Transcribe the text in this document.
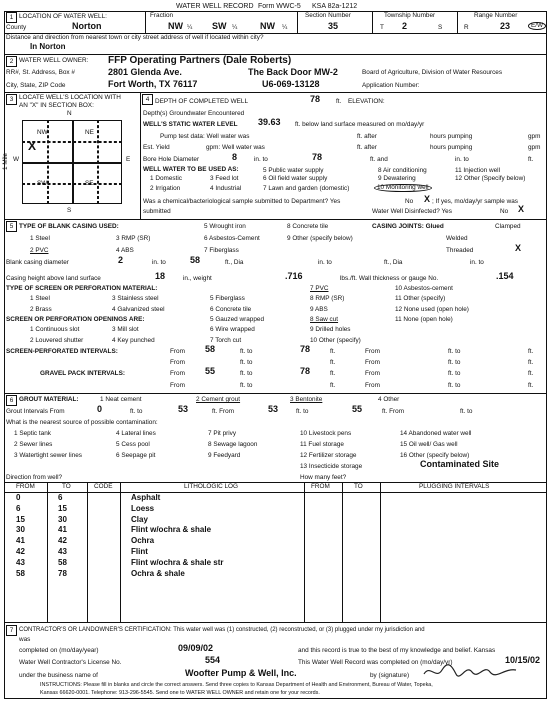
WATER WELL RECORD Form WWC-5 KSA 82a-1212
1 LOCATION OF WATER WELL:	Fraction	Section Number	Township Number	Range Number
County	Norton	NW ¼ SW ¼	NW ¼	35	T 2	S	R	23	E/W
Distance and direction from nearest town or city street address of well if located within city?
In Norton
2 WATER WELL OWNER: FFP Operating Partners (Dale Roberts)
RR#, St. Address, Box #	2801 Glenda Ave.	The Back Door MW-2	Board of Agriculture, Division of Water Resources
City, State, ZIP Code	Fort Worth, TX 76117	U6-069-13128	Application Number:
3 LOCATE WELL'S LOCATION WITH
AN "X" IN SECTION BOX:
N
S
W	E
1 Mile
NW	NE
SW	SE
X
4 DEPTH OF COMPLETED WELL	78 ft. ELEVATION:
Depth(s) Groundwater Encountered
WELL'S STATIC WATER LEVEL 39.63 ft. below land surface measured on mo/day/yr
Pump test data: Well water was	ft. after	hours pumping	gpm
Est. Yield	gpm: Well water was	ft. after	hours pumping	gpm
Bore Hole Diameter	8	in. to	78	ft. and	in. to	ft.
WELL WATER TO BE USED AS:
1 Domestic	3 Feed lot
5 Public water supply
6 Oil field water supply
8 Air conditioning
9 Dewatering
11 Injection well
12 Other (Specify below)
2 Irrigation	4 Industrial	7 Lawn and garden (domestic)	10 Monitoring well
Was a chemical/bacteriological sample submitted to Department? Yes	No X ; If yes, mo/day/yr sample was
submitted	Water Well Disinfected? Yes	No X
5 TYPE OF BLANK CASING USED:
1 Steel	3 RMP (SR)
5 Wrought iron
6 Asbestos-Cement
7 Fiberglass
8 Concrete tile
9 Other (specify below)
2 PVC	4 ABS
CASING JOINTS: Glued	Clamped
Welded
Threaded	X
Blank casing diameter	2	in. to	58	ft., Dia	in. to	ft., Dia	in. to
Casing height above land surface	18	in., weight	.716	lbs./ft. Wall thickness or gauge No.	.154
TYPE OF SCREEN OR PERFORATION MATERIAL:
1 Steel	3 Stainless steel	5 Fiberglass
7 PVC	10 Asbestos-cement
2 Brass	4 Galvanized steel	6 Concrete tile
8 RMP (SR)	11 Other (specify)
9 ABS	12 None used (open hole)
SCREEN OR PERFORATION OPENINGS ARE:
1 Continuous slot	3 Mill slot
5 Gauzed wrapped	8 Saw cut	11 None (open hole)
2 Louvered shutter	4 Key punched
6 Wire wrapped	9 Drilled holes
7 Torch cut	10 Other (specify)
SCREEN-PERFORATED INTERVALS:	From 58	ft. to	78	ft.	From	ft. to	ft.
From	ft. to	ft.	From	ft. to	ft.
GRAVEL PACK INTERVALS:	From 55	ft. to	78	ft.	From	ft. to	ft.
From	ft. to	ft.	From	ft. to	ft.
6 GROUT MATERIAL:	1 Neat cement	2 Cement grout	3 Bentonite	4 Other
Grout Intervals From	0	ft. to	53	ft. From	53	ft. to	55	ft. From	ft. to
What is the nearest source of possible contamination:
1 Septic tank	4 Lateral lines	7 Pit privy	10 Livestock pens	14 Abandoned water well
2 Sewer lines	5 Cess pool	8 Sewage lagoon	11 Fuel storage	15 Oil well/ Gas well
3 Watertight sewer lines	6 Seepage pit	9 Feedyard	12 Fertilizer storage	16 Other (specify below)
13 Insecticide storage	Contaminated Site
Direction from well?	How many feet?
FROM	TO	CODE	LITHOLOGIC LOG	FROM	TO	PLUGGING INTERVALS
0	6	Asphalt
6	15	Loess
15	30	Clay
30	41	Flint w/ochra & shale
41	42	Ochra
42	43	Flint
43	58	Flint w/ochra & shale str
58	78	Ochra & shale
7 CONTRACTOR'S OR LANDOWNER'S CERTIFICATION: This water well was (1) constructed, (2) reconstructed, or (3) plugged under my jurisdiction and
was
completed on (mo/day/year)	09/09/02	and this record is true to the best of my knowledge and belief. Kansas
Water Well Contractor's License No.	554	This Water Well Record was completed on (mo/day/yr)	10/15/02
under the business name of	Woofter Pump & Well, Inc.	by (signature)
INSTRUCTIONS: Please fill in blanks and circle the correct answers. Send three copies to Kansas Department of Health and Environment, Bureau of Water, Topeka,
Kansas 66620-0001. Telephone: 913-296-5545. Send one to WATER WELL OWNER and retain one for your records.
